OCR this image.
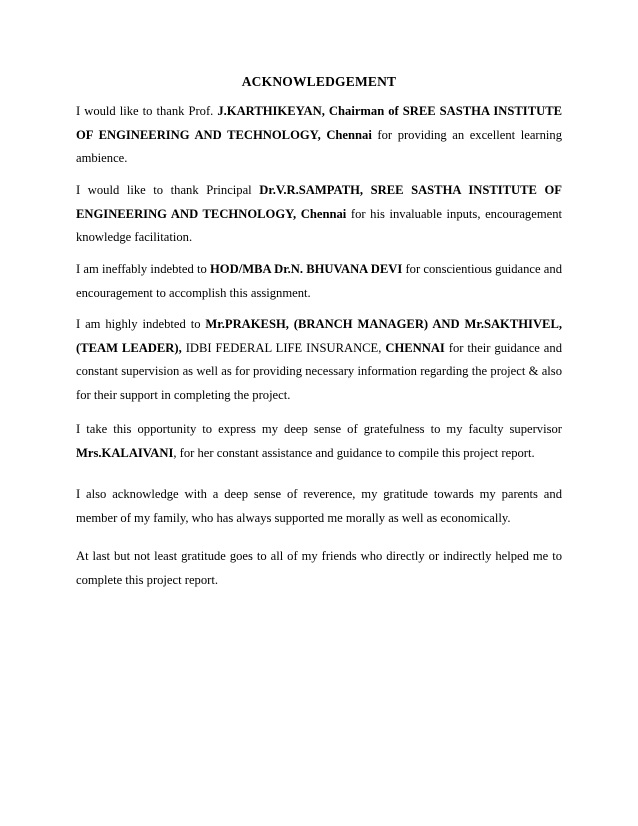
ACKNOWLEDGEMENT

I would like to thank Prof. J.KARTHIKEYAN, Chairman of SREE SASTHA INSTITUTE OF ENGINEERING AND TECHNOLOGY, Chennai for providing an excellent learning ambience.

I would like to thank Principal Dr.V.R.SAMPATH, SREE SASTHA INSTITUTE OF ENGINEERING AND TECHNOLOGY, Chennai for his invaluable inputs, encouragement knowledge facilitation.

I am ineffably indebted to HOD/MBA Dr.N. BHUVANA DEVI for conscientious guidance and encouragement to accomplish this assignment.

I am highly indebted to Mr.PRAKESH, (BRANCH MANAGER) AND Mr.SAKTHIVEL, (TEAM LEADER), IDBI FEDERAL LIFE INSURANCE, CHENNAI for their guidance and constant supervision as well as for providing necessary information regarding the project & also for their support in completing the project.

I take this opportunity to express my deep sense of gratefulness to my faculty supervisor Mrs.KALAIVANI, for her constant assistance and guidance to compile this project report.

I also acknowledge with a deep sense of reverence, my gratitude towards my parents and member of my family, who has always supported me morally as well as economically.

At last but not least gratitude goes to all of my friends who directly or indirectly helped me to complete this project report.
